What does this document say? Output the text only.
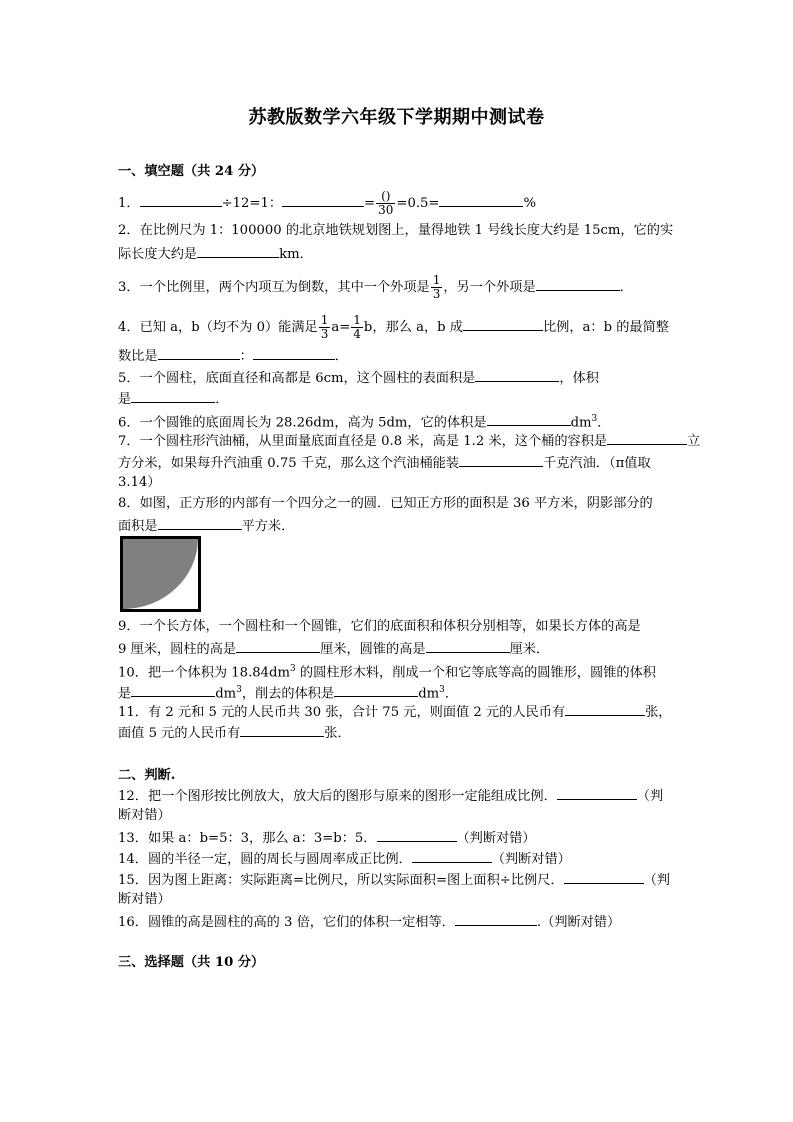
苏教版数学六年级下学期期中测试卷
一、填空题（共 24 分）
1．	÷12=1：	= $\frac{()}{30} =0.5=$	%
2．在比例尺为 1：100000 的北京地铁规划图上，量得地铁 1 号线长度大约是 15cm，它的实
际长度大约是	km．
3．一个比例里，两个内项互为倒数，其中一个外项是 $\frac{1}{3}$ ，另一个外项是	．
4．已知 a，b（均不为 0）能满足 $\frac{1}{3} a= \frac{1}{4}$ b，那么 a，b 成	比例，a：b 的最简整
数比是	：	．
5．一个圆柱，底面直径和高都是 6cm，这个圆柱的表面积是	，体积
是	．
6．一个圆锥的底面周长为 28.26dm，高为 5dm，它的体积是	$dm^3$．
7．一个圆柱形汽油桶，从里面量底面直径是 0.8 米，高是 1.2 米，这个桶的容积是	立
方分米，如果每升汽油重 0.75 千克，那么这个汽油桶能装	千克汽油．（π值取
3.14）
8．如图，正方形的内部有一个四分之一的圆．已知正方形的面积是 36 平方米，阴影部分的
面积是	平方米．
9．一个长方体，一个圆柱和一个圆锥，它们的底面积和体积分别相等，如果长方体的高是
9 厘米，圆柱的高是	厘米，圆锥的高是	厘米．
10．把一个体积为 $18.84dm^3$ 的圆柱形木料，削成一个和它等底等高的圆锥形，圆锥的体积
是	$dm^3$，削去的体积是	$dm^3$．
11．有 2 元和 5 元的人民币共 30 张，合计 75 元，则面值 2 元的人民币有	张，
面值 5 元的人民币有	张．
二、判断.
12．把一个图形按比例放大，放大后的图形与原来的图形一定能组成比例．	（判
断对错）
13．如果 a：b=5：3，那么 a：3=b：5．	（判断对错）
14．圆的半径一定，圆的周长与圆周率成正比例．	（判断对错）
15．因为图上距离：实际距离=比例尺，所以实际面积=图上面积÷比例尺．	（判
断对错）
16．圆锥的高是圆柱的高的 3 倍，它们的体积一定相等．	.（判断对错）
三、选择题（共 10 分）
